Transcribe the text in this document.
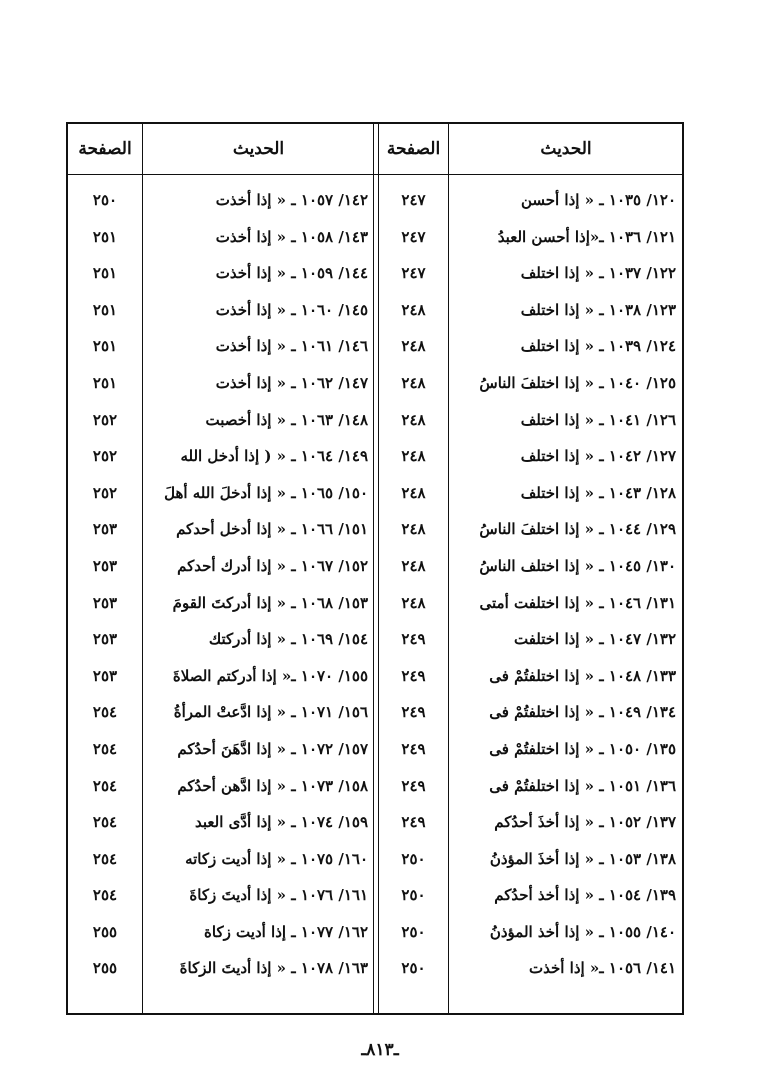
الصفحة	الحديث	الصفحة	الحديث
٢٥٠	١٤٢/ ١٠٥٧ ـ « إذا أخذت	٢٤٧	١٢٠/ ١٠٣٥ ـ « إذا أحسن
٢٥١	١٤٣/ ١٠٥٨ ـ « إذا أخذت	٢٤٧	١٢١/ ١٠٣٦ ـ«إذا أحسن العبدُ
٢٥١	١٤٤/ ١٠٥٩ ـ « إذا أخذت	٢٤٧	١٢٢/ ١٠٣٧ ـ « إذا اختلف
٢٥١	١٤٥/ ١٠٦٠ ـ « إذا أخذت	٢٤٨	١٢٣/ ١٠٣٨ ـ « إذا اختلف
٢٥١	١٤٦/ ١٠٦١ ـ « إذا أخذت	٢٤٨	١٢٤/ ١٠٣٩ ـ « إذا اختلف
٢٥١	١٤٧/ ١٠٦٢ ـ « إذا أخذت	٢٤٨	١٢٥/ ١٠٤٠ ـ « إذا اختلفَ الناسُ
٢٥٢	١٤٨/ ١٠٦٣ ـ « إذا أخصبت	٢٤٨	١٢٦/ ١٠٤١ ـ « إذا اختلف
٢٥٢	١٤٩/ ١٠٦٤ ـ « ( إذا أدخل الله	٢٤٨	١٢٧/ ١٠٤٢ ـ « إذا اختلف
٢٥٢	١٥٠/ ١٠٦٥ ـ « إذا أدخلَ الله أهلَ	٢٤٨	١٢٨/ ١٠٤٣ ـ « إذا اختلف
٢٥٣	١٥١/ ١٠٦٦ ـ « إذا أدخل أحدكم	٢٤٨	١٢٩/ ١٠٤٤ ـ « إذا اختلفَ الناسُ
٢٥٣	١٥٢/ ١٠٦٧ ـ « إذا أدرك أحدكم	٢٤٨	١٣٠/ ١٠٤٥ ـ « إذا اختلف الناسُ
٢٥٣	١٥٣/ ١٠٦٨ ـ « إذا أدركتَ القومَ	٢٤٨	١٣١/ ١٠٤٦ ـ « إذا اختلفت أمتى
٢٥٣	١٥٤/ ١٠٦٩ ـ « إذا أدركتك	٢٤٩	١٣٢/ ١٠٤٧ ـ « إذا اختلفت
٢٥٣	١٥٥/ ١٠٧٠ ـ« إذا أدركتم الصلاةَ	٢٤٩	١٣٣/ ١٠٤٨ ـ « إذا اختلفتُمْ فى
٢٥٤	١٥٦/ ١٠٧١ ـ « إذا ادَّعتْ المرأةُ	٢٤٩	١٣٤/ ١٠٤٩ ـ « إذا اختلفتُمْ فى
٢٥٤	١٥٧/ ١٠٧٢ ـ « إذا ادَّهَنَ أحدُكم	٢٤٩	١٣٥/ ١٠٥٠ ـ « إذا اختلفتُمْ فى
٢٥٤	١٥٨/ ١٠٧٣ ـ « إذا ادَّهن أحدُكم	٢٤٩	١٣٦/ ١٠٥١ ـ « إذا اختلفتُمْ فى
٢٥٤	١٥٩/ ١٠٧٤ ـ « إذا أدَّى العبد	٢٤٩	١٣٧/ ١٠٥٢ ـ « إذا أخذَ أحدُكم
٢٥٤	١٦٠/ ١٠٧٥ ـ « إذا أديت زكاته	٢٥٠	١٣٨/ ١٠٥٣ ـ « إذا أخذَ المؤذنُ
٢٥٤	١٦١/ ١٠٧٦ ـ « إذا أديتَ زكاةَ	٢٥٠	١٣٩/ ١٠٥٤ ـ « إذا أخذ أحدُكم
٢٥٥	١٦٢/ ١٠٧٧ ـ إذا أديت زكاة	٢٥٠	١٤٠/ ١٠٥٥ ـ « إذا أخذ المؤذنُ
٢٥٥	١٦٣/ ١٠٧٨ ـ « إذا أديتَ الزكاةَ	٢٥٠	١٤١/ ١٠٥٦ ـ« إذا أخذت
ـ٨١٣ـ
